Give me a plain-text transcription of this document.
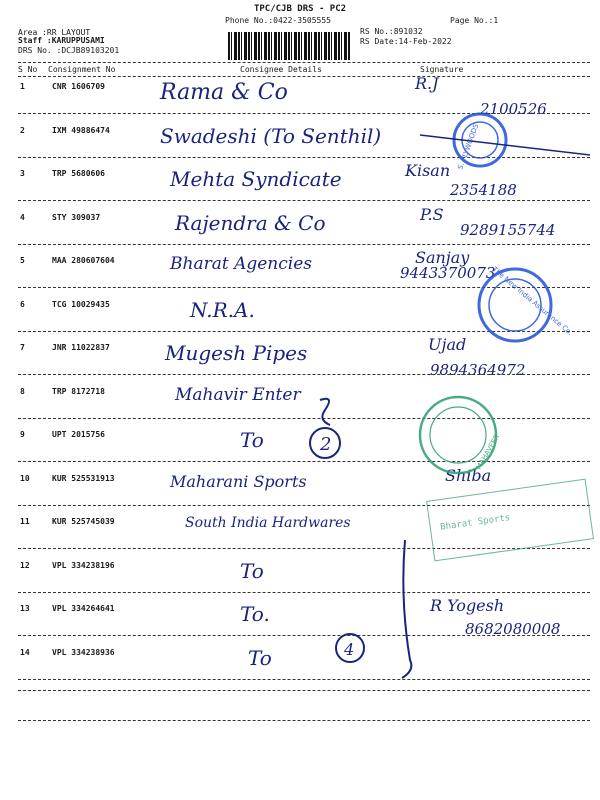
TPC/CJB DRS - PC2
Phone No.:0422-3505555	Page No.:1
Area :RR LAYOUT
Staff :KARUPPUSAMI
DRS No. :DCJB89103201
RS No.:891032
RS Date:14-Feb-2022
S No Consignment No	Consignee Details	Signature
1	CNR 1606709	Rama & Co	R.J
2100526
2	IXM 49886474	Swadeshi (To Senthil)
3	TRP 5680606	Mehta Syndicate	Kisan
2354188
4	STY 309037	Rajendra & Co	P.S
9289155744
5	MAA 280607604	Bharat Agencies	Sanjay
9443370073
6	TCG 10029435	N.R.A.
7	JNR 11022837	Mugesh Pipes	Ujad
9894364972
8	TRP 8172718	Mahavir Enter
9	UPT 2015756	To
10	KUR 525531913	Maharani Sports	Shiba
11	KUR 525745039	South India Hardwares
12	VPL 334238196	To
13	VPL 334264641	To.	R Yogesh
8682080008
14	VPL 334238936	To
S. PLYWOODS
The New India Assurance Co.
MAHAVEER
Bharat Sports
2
4
